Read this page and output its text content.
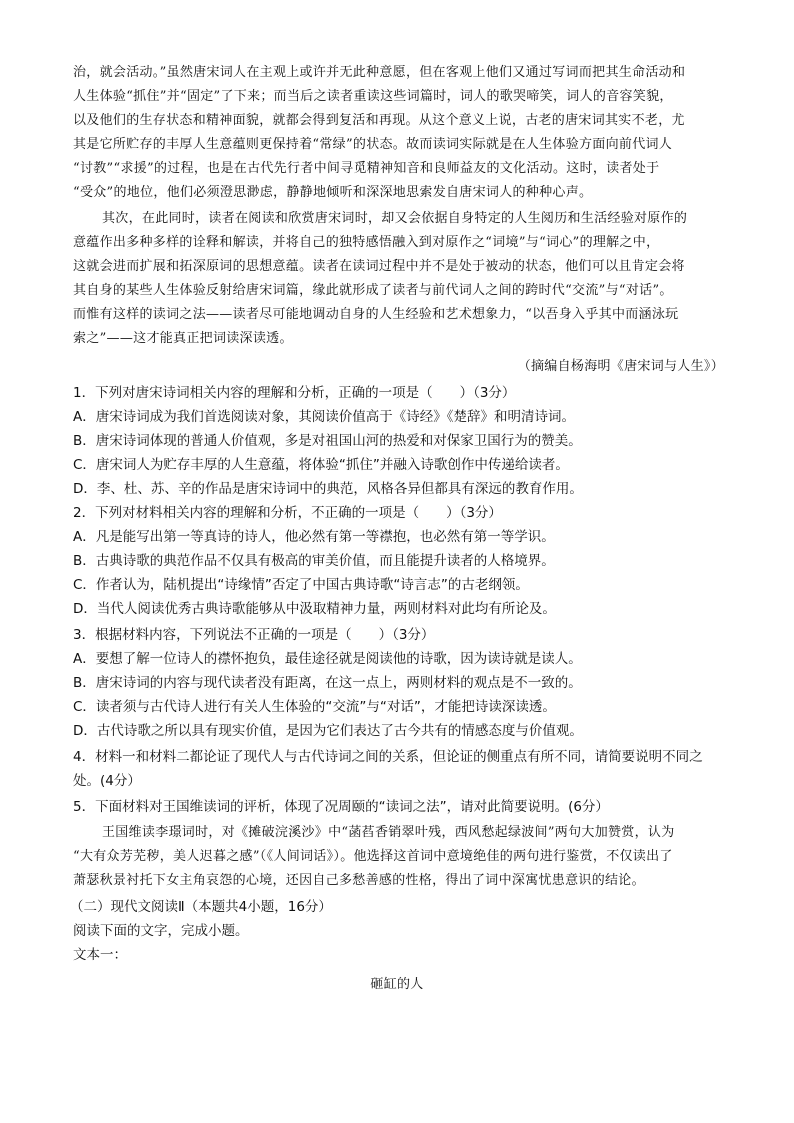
治，就会活动。”虽然唐宋词人在主观上或许并无此种意愿，但在客观上他们又通过写词而把其生命活动和
人生体验“抓住”并“固定”了下来；而当后之读者重读这些词篇时，词人的歌哭啼笑，词人的音容笑貌，
以及他们的生存状态和精神面貌，就都会得到复活和再现。从这个意义上说，古老的唐宋词其实不老，尤
其是它所贮存的丰厚人生意蕴则更保持着“常绿”的状态。故而读词实际就是在人生体验方面向前代词人
“讨教”“求援”的过程，也是在古代先行者中间寻觅精神知音和良师益友的文化活动。这时，读者处于
“受众”的地位，他们必须澄思渺虑，静静地倾听和深深地思索发自唐宋词人的种种心声。
其次，在此同时，读者在阅读和欣赏唐宋词时，却又会依据自身特定的人生阅历和生活经验对原作的
意蕴作出多种多样的诠释和解读，并将自己的独特感悟融入到对原作之“词境”与“词心”的理解之中，
这就会进而扩展和拓深原词的思想意蕴。读者在读词过程中并不是处于被动的状态，他们可以且肯定会将
其自身的某些人生体验反射给唐宋词篇，缘此就形成了读者与前代词人之间的跨时代“交流”与“对话”。
而惟有这样的读词之法——读者尽可能地调动自身的人生经验和艺术想象力，“以吾身入乎其中而涵泳玩
索之”——这才能真正把词读深读透。
（摘编自杨海明《唐宋词与人生》）
1．下列对唐宋诗词相关内容的理解和分析，正确的一项是（　　）（3分）
A．唐宋诗词成为我们首选阅读对象，其阅读价值高于《诗经》《楚辞》和明清诗词。
B．唐宋诗词体现的普通人价值观，多是对祖国山河的热爱和对保家卫国行为的赞美。
C．唐宋词人为贮存丰厚的人生意蕴，将体验“抓住”并融入诗歌创作中传递给读者。
D．李、杜、苏、辛的作品是唐宋诗词中的典范，风格各异但都具有深远的教育作用。
2．下列对材料相关内容的理解和分析，不正确的一项是（　　）（3分）
A．凡是能写出第一等真诗的诗人，他必然有第一等襟抱，也必然有第一等学识。
B．古典诗歌的典范作品不仅具有极高的审美价值，而且能提升读者的人格境界。
C．作者认为，陆机提出“诗缘情”否定了中国古典诗歌“诗言志”的古老纲领。
D．当代人阅读优秀古典诗歌能够从中汲取精神力量，两则材料对此均有所论及。
3．根据材料内容，下列说法不正确的一项是（　　）（3分）
A．要想了解一位诗人的襟怀抱负，最佳途径就是阅读他的诗歌，因为读诗就是读人。
B．唐宋诗词的内容与现代读者没有距离，在这一点上，两则材料的观点是不一致的。
C．读者须与古代诗人进行有关人生体验的“交流”与“对话”，才能把诗读深读透。
D．古代诗歌之所以具有现实价值，是因为它们表达了古今共有的情感态度与价值观。
4．材料一和材料二都论证了现代人与古代诗词之间的关系，但论证的侧重点有所不同，请简要说明不同之
处。(4分）
5．下面材料对王国维读词的评析，体现了况周颐的“读词之法”，请对此简要说明。(6分）
王国维读李璟词时，对《摊破浣溪沙》中“菡萏香销翠叶残，西风愁起绿波间”两句大加赞赏，认为
“大有众芳芜秽，美人迟暮之感”（《人间词话》）。他选择这首词中意境绝佳的两句进行鉴赏，不仅读出了
萧瑟秋景衬托下女主角哀怨的心境，还因自己多愁善感的性格，得出了词中深寓忧患意识的结论。
（二）现代文阅读Ⅱ（本题共4小题，16分）
阅读下面的文字，完成小题。
文本一：
砸缸的人
